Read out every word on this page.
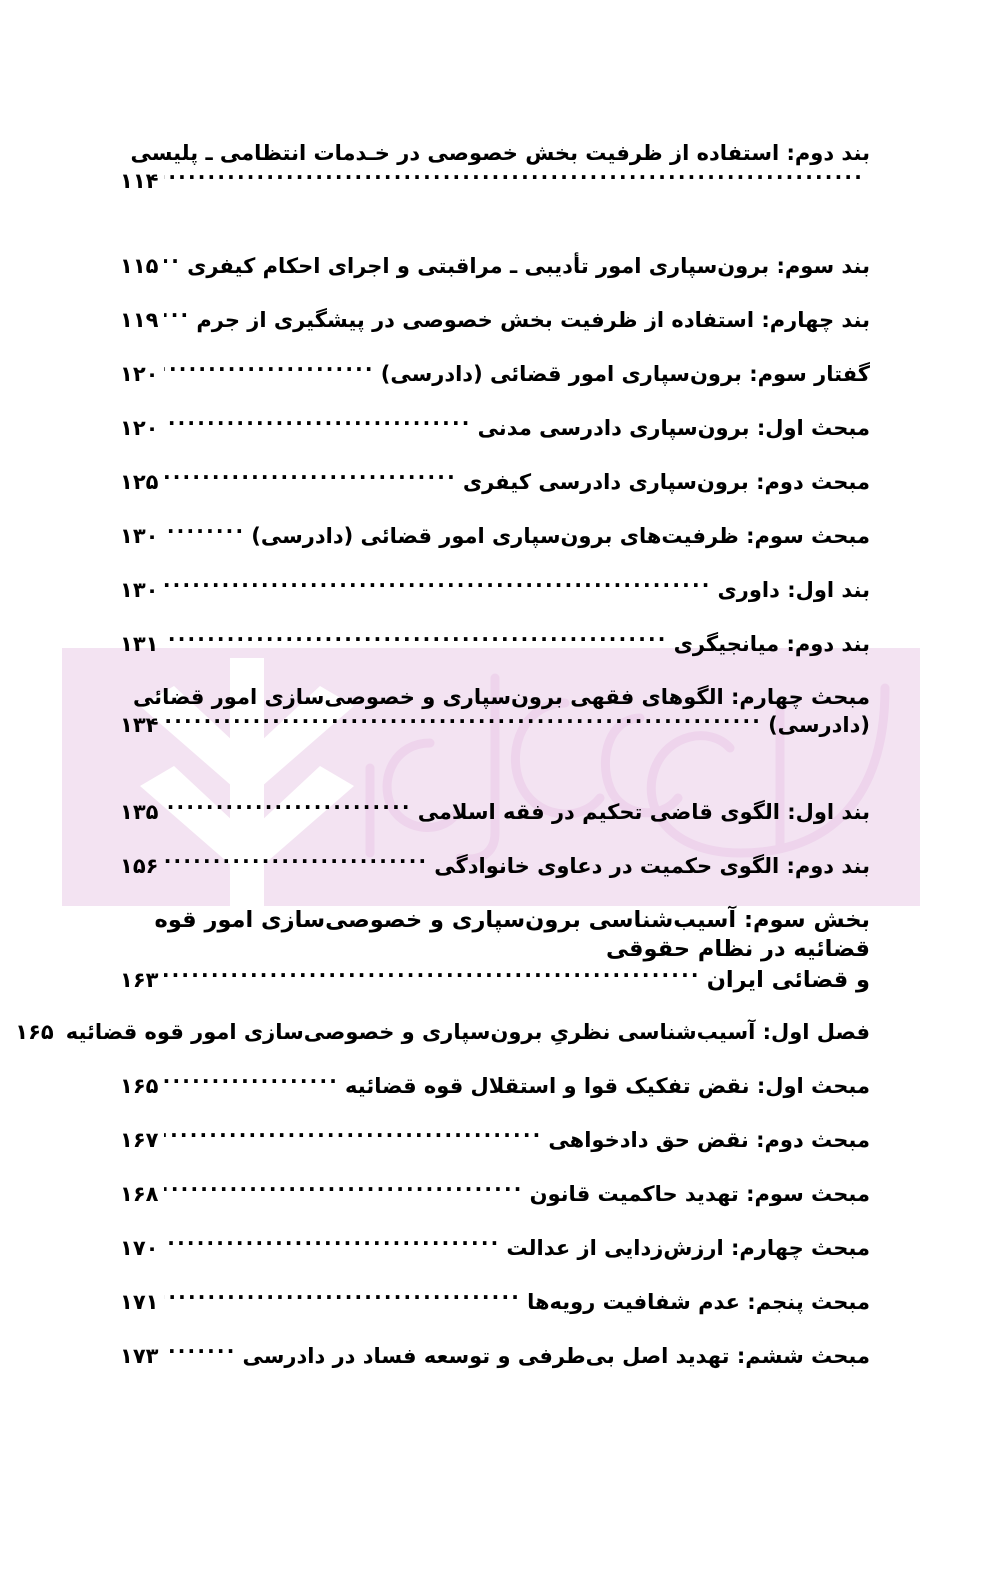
بند دوم: استفاده از ظرفیت بخش خصوصی در خـدمات انتظامی ـ پلیسی
.....
۱۱۴
بند سوم: برون‌سپاری امور تأدیبی ـ مراقبتی و اجرای احکام کیفری
.....
۱۱۵
بند چهارم: استفاده از ظرفیت بخش خصوصی در پیشگیری از جرم
.....
۱۱۹
گفتار سوم: برون‌سپاری امور قضائی (دادرسی)
.....
۱۲۰
مبحث اول: برون‌سپاری دادرسی مدنی
.....
۱۲۰
مبحث دوم: برون‌سپاری دادرسی کیفری
.....
۱۲۵
مبحث سوم: ظرفیت‌های برون‌سپاری امور قضائی (دادرسی)
.....
۱۳۰
بند اول: داوری
.....
۱۳۰
بند دوم: میانجیگری
.....
۱۳۱
مبحث چهارم: الگوهای فقهی برون‌سپاری و خصوصی‌سازی امور قضائی
(دادرسی)
.....
۱۳۴
بند اول: الگوی قاضی تحکیم در فقه اسلامی
.....
۱۳۵
بند دوم: الگوی حکمیت در دعاوی خانوادگی
.....
۱۵۶
بخش سوم: آسیب‌شناسی برون‌سپاری و خصوصی‌سازی امور قوه قضائیه در نظام حقوقی
و قضائی ایران
.....
۱۶۳
فصل اول: آسیب‌شناسی نظریِ برون‌سپاری و خصوصی‌سازی امور قوه قضائیه
۱۶۵
مبحث اول: نقض تفکیک قوا و استقلال قوه قضائیه
.....
۱۶۵
مبحث دوم: نقض حق دادخواهی
.....
۱۶۷
مبحث سوم: تهدید حاکمیت قانون
.....
۱۶۸
مبحث چهارم: ارزش‌زدایی از عدالت
.....
۱۷۰
مبحث پنجم: عدم شفافیت رویه‌ها
.....
۱۷۱
مبحث ششم: تهدید اصل بی‌طرفی و توسعه فساد در دادرسی
.....
۱۷۳
